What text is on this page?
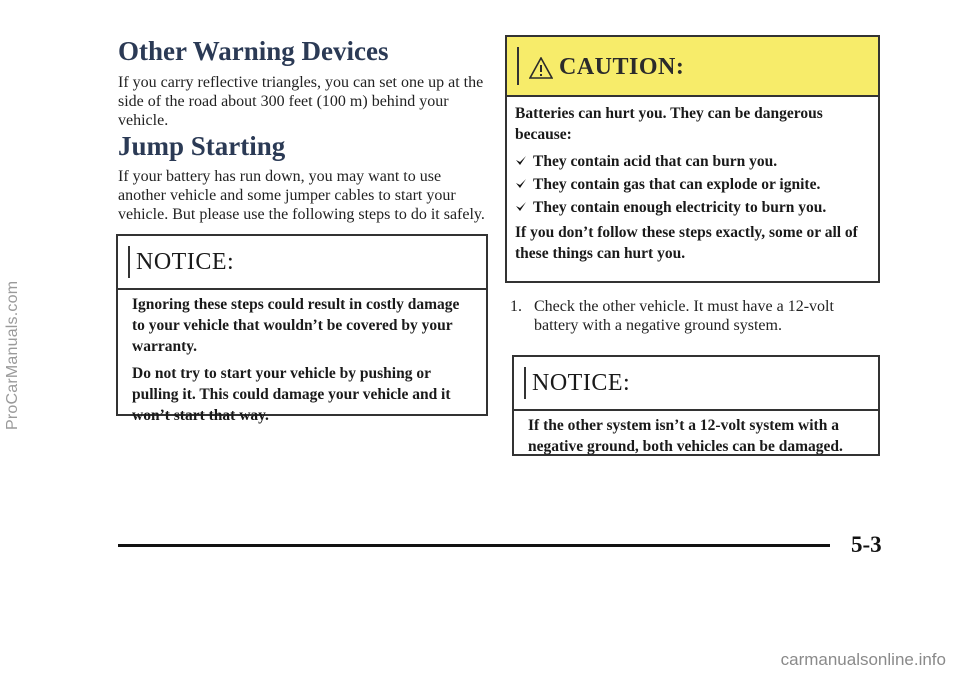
ProCarManuals.com
Other Warning Devices
If you carry reflective triangles, you can set one up at the side of the road about 300 feet (100 m) behind your vehicle.
Jump Starting
If your battery has run down, you may want to use another vehicle and some jumper cables to start your vehicle. But please use the following steps to do it safely.
NOTICE:

Ignoring these steps could result in costly damage to your vehicle that wouldn’t be covered by your warranty.

Do not try to start your vehicle by pushing or pulling it. This could damage your vehicle and it won’t start that way.

CAUTION:

Batteries can hurt you. They can be dangerous because:

They contain acid that can burn you.
They contain gas that can explode or ignite.
They contain enough electricity to burn you.

If you don’t follow these steps exactly, some or all of these things can hurt you.

1. Check the other vehicle. It must have a 12-volt battery with a negative ground system.
NOTICE:

If the other system isn’t a 12-volt system with a negative ground, both vehicles can be damaged.

5-3
carmanualsonline.info
